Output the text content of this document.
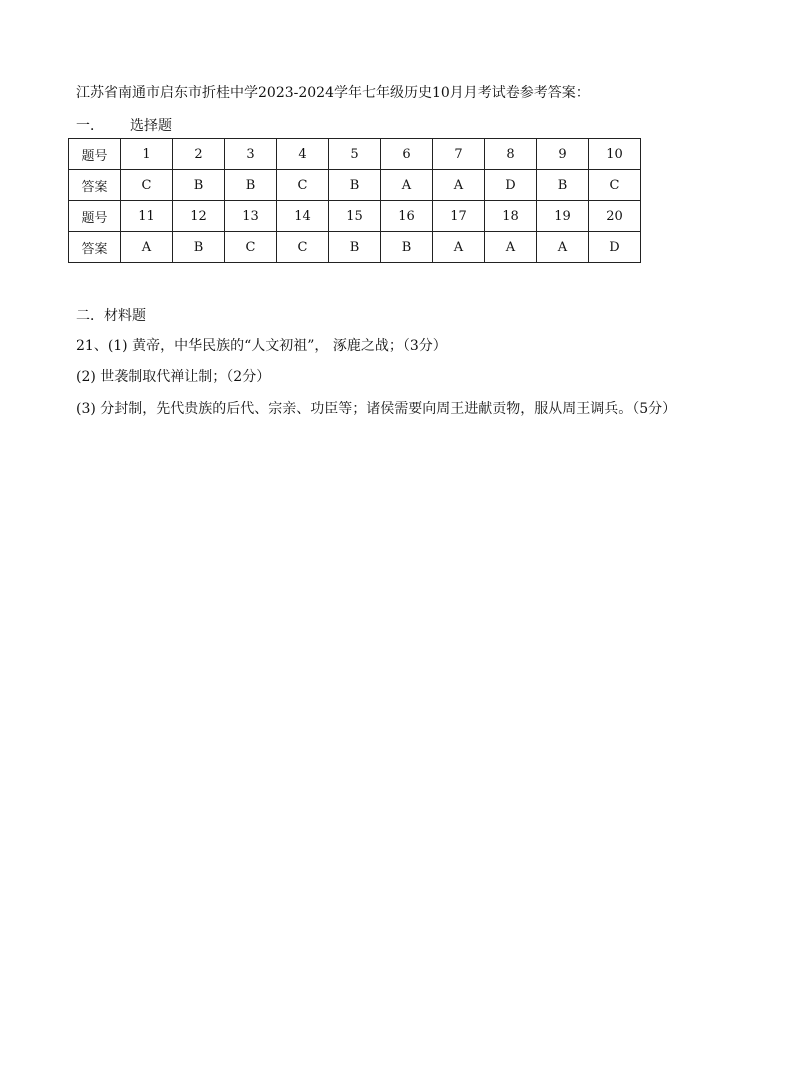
江苏省南通市启东市折桂中学2023-2024学年七年级历史10月月考试卷参考答案：
一． 选择题
题号	1	2	3	4	5	6	7	8	9	10
答案	C	B	B	C	B	A	A	D	B	C
题号	11	12	13	14	15	16	17	18	19	20
答案	A	B	C	C	B	B	A	A	A	D
二．材料题
21、(1) 黄帝，中华民族的“人文初祖”， 涿鹿之战；（3分）
(2) 世袭制取代禅让制；（2分）
(3) 分封制，先代贵族的后代、宗亲、功臣等；诸侯需要向周王进献贡物，服从周王调兵。（5分）
